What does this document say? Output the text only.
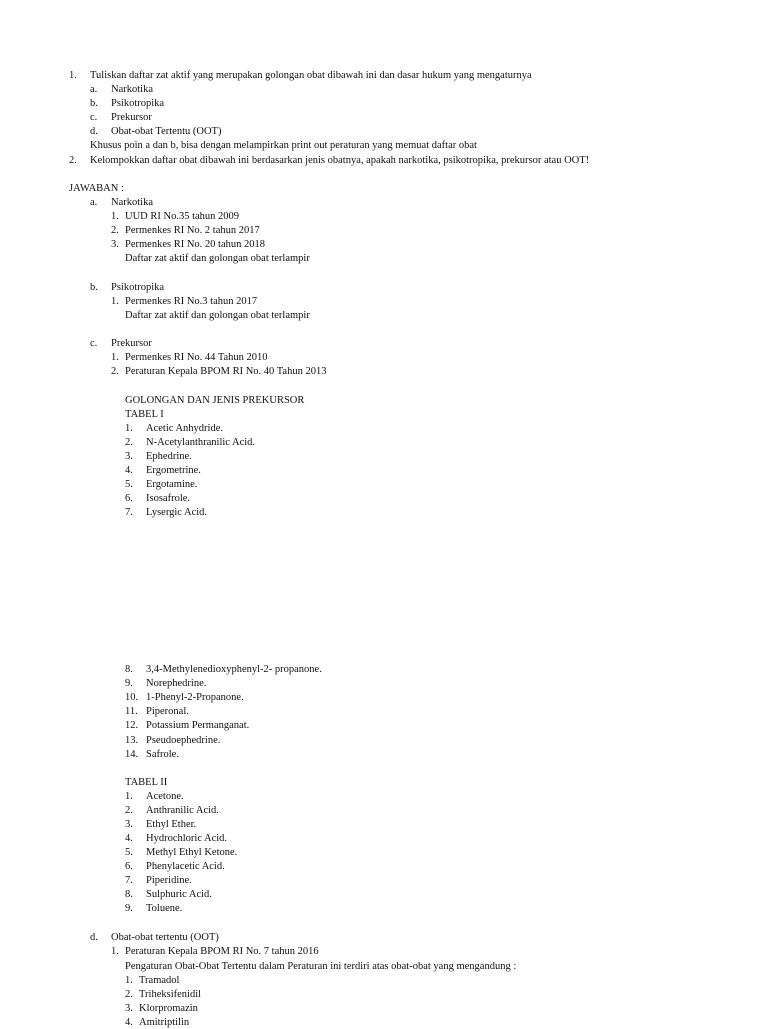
1. Tuliskan daftar zat aktif yang merupakan golongan obat dibawah ini dan dasar hukum yang mengaturnya
a. Narkotika
b. Psikotropika
c. Prekursor
d. Obat-obat Tertentu (OOT)
Khusus poin a dan b, bisa dengan melampirkan print out peraturan yang memuat daftar obat
2. Kelompokkan daftar obat dibawah ini berdasarkan jenis obatnya, apakah narkotika, psikotropika, prekursor atau OOT!
JAWABAN :
a. Narkotika
1. UUD RI No.35 tahun 2009
2. Permenkes RI No. 2 tahun 2017
3. Permenkes RI No. 20 tahun 2018
Daftar zat aktif dan golongan obat terlampir
b. Psikotropika
1. Permenkes RI No.3 tahun 2017
Daftar zat aktif dan golongan obat terlampir
c. Prekursor
1. Permenkes RI No. 44 Tahun 2010
2. Peraturan Kepala BPOM RI No. 40 Tahun 2013
GOLONGAN DAN JENIS PREKURSOR
TABEL I
1. Acetic Anhydride.
2. N-Acetylanthranilic Acid.
3. Ephedrine.
4. Ergometrine.
5. Ergotamine.
6. Isosafrole.
7. Lysergic Acid.
8. 3,4-Methylenedioxyphenyl-2- propanone.
9. Norephedrine.
10. 1-Phenyl-2-Propanone.
11. Piperonal.
12. Potassium Permanganat.
13. Pseudoephedrine.
14. Safrole.
TABEL II
1. Acetone.
2. Anthranilic Acid.
3. Ethyl Ether.
4. Hydrochloric Acid.
5. Methyl Ethyl Ketone.
6. Phenylacetic Acid.
7. Piperidine.
8. Sulphuric Acid.
9. Toluene.
d. Obat-obat tertentu (OOT)
1. Peraturan Kepala BPOM RI No. 7 tahun 2016
Pengaturan Obat-Obat Tertentu dalam Peraturan ini terdiri atas obat-obat yang mengandung :
1. Tramadol
2. Triheksifenidil
3. Klorpromazin
4. Amitriptilin
